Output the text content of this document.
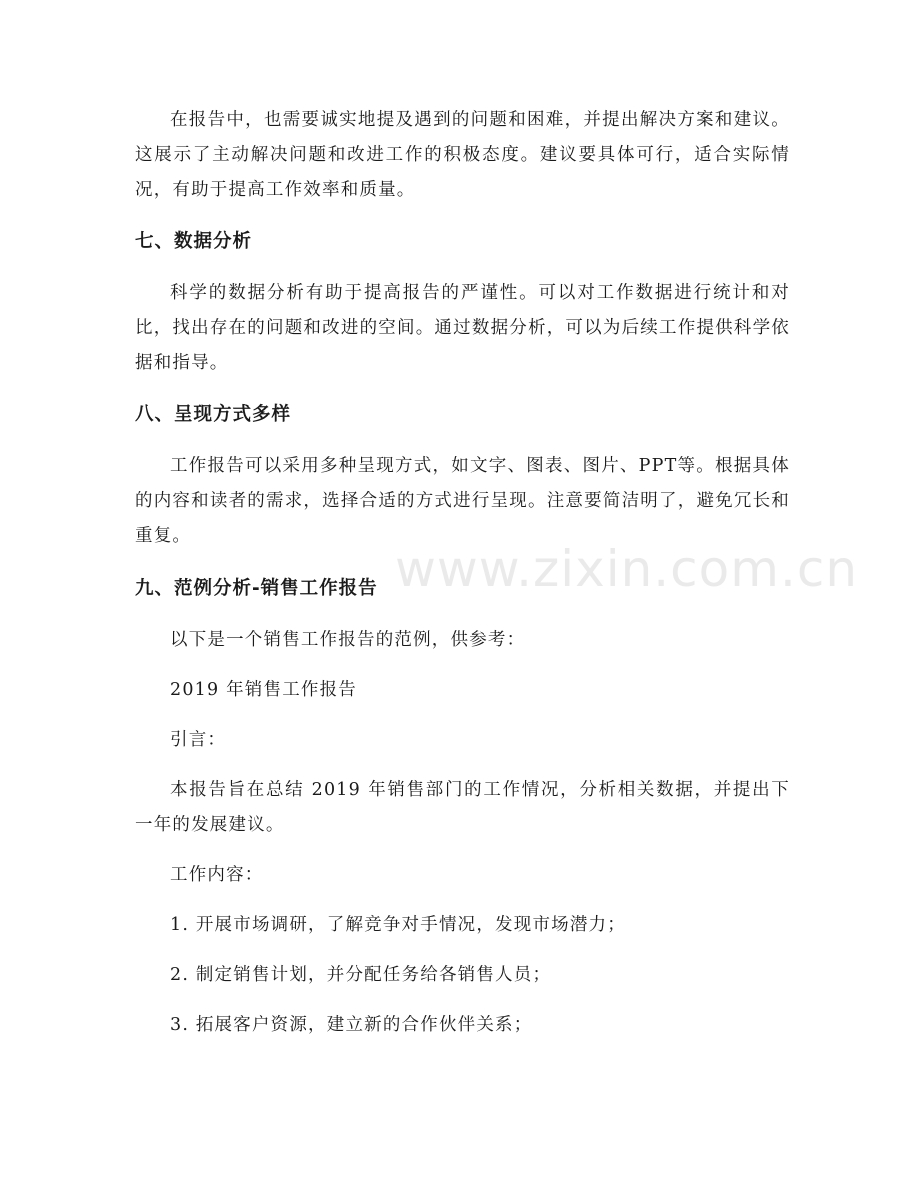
www.zixin.com.cn

在报告中，也需要诚实地提及遇到的问题和困难，并提出解决方案和建议。这展示了主动解决问题和改进工作的积极态度。建议要具体可行，适合实际情况，有助于提高工作效率和质量。

七、数据分析

科学的数据分析有助于提高报告的严谨性。可以对工作数据进行统计和对比，找出存在的问题和改进的空间。通过数据分析，可以为后续工作提供科学依据和指导。

八、呈现方式多样

工作报告可以采用多种呈现方式，如文字、图表、图片、PPT等。根据具体的内容和读者的需求，选择合适的方式进行呈现。注意要简洁明了，避免冗长和重复。

九、范例分析-销售工作报告

以下是一个销售工作报告的范例，供参考：

2019 年销售工作报告

引言：

本报告旨在总结 2019 年销售部门的工作情况，分析相关数据，并提出下一年的发展建议。

工作内容：

1. 开展市场调研，了解竞争对手情况，发现市场潜力；

2. 制定销售计划，并分配任务给各销售人员；

3. 拓展客户资源，建立新的合作伙伴关系；
